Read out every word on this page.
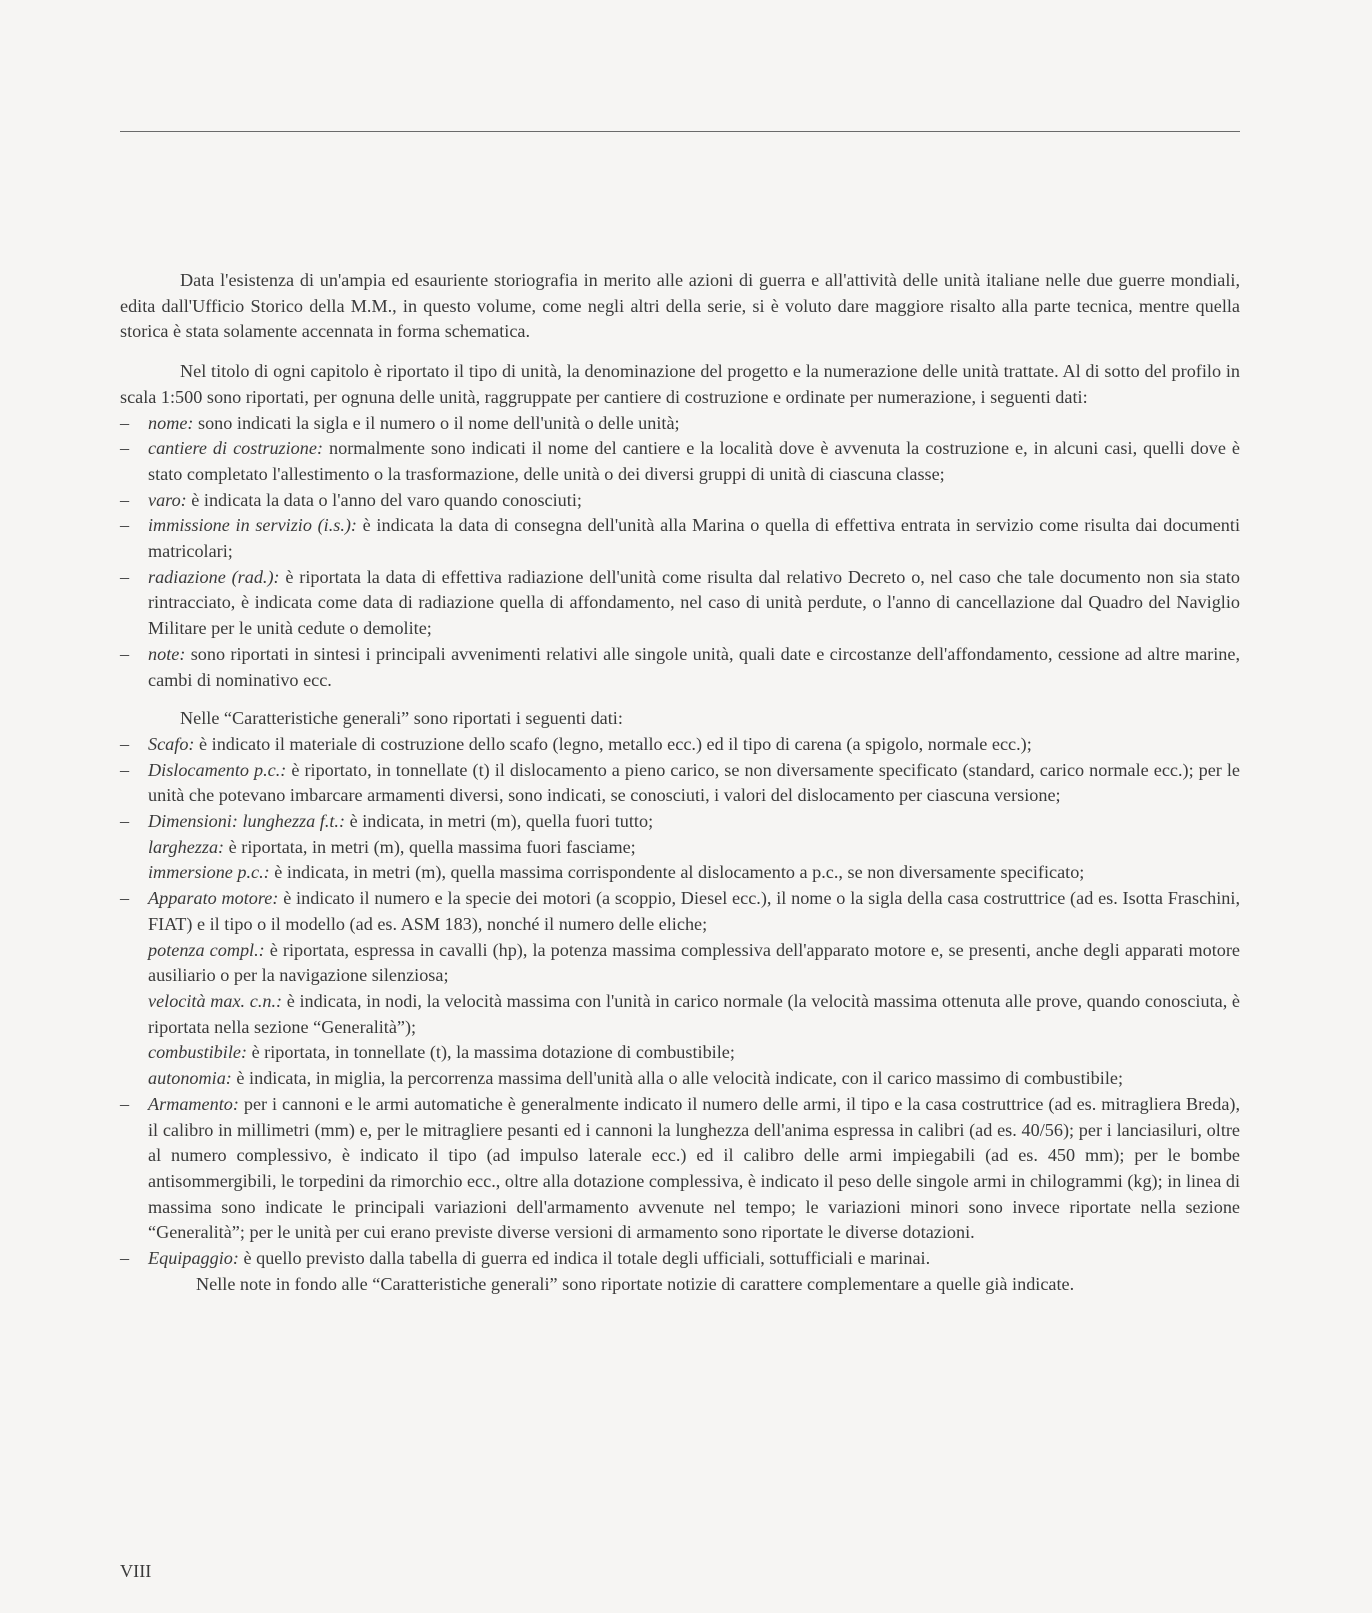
Data l'esistenza di un'ampia ed esauriente storiografia in merito alle azioni di guerra e all'attività delle unità italiane nelle due guerre mondiali, edita dall'Ufficio Storico della M.M., in questo volume, come negli altri della serie, si è voluto dare maggiore risalto alla parte tecnica, mentre quella storica è stata solamente accennata in forma schematica.

Nel titolo di ogni capitolo è riportato il tipo di unità, la denominazione del progetto e la numerazione delle unità trattate. Al di sotto del profilo in scala 1:500 sono riportati, per ognuna delle unità, raggruppate per cantiere di costruzione e ordinate per numerazione, i seguenti dati:

– nome: sono indicati la sigla e il numero o il nome dell'unità o delle unità;
– cantiere di costruzione: normalmente sono indicati il nome del cantiere e la località dove è avvenuta la costruzione e, in alcuni casi, quelli dove è stato completato l'allestimento o la trasformazione, delle unità o dei diversi gruppi di unità di ciascuna classe;
– varo: è indicata la data o l'anno del varo quando conosciuti;
– immissione in servizio (i.s.): è indicata la data di consegna dell'unità alla Marina o quella di effettiva entrata in servizio come risulta dai documenti matricolari;
– radiazione (rad.): è riportata la data di effettiva radiazione dell'unità come risulta dal relativo Decreto o, nel caso che tale documento non sia stato rintracciato, è indicata come data di radiazione quella di affondamento, nel caso di unità perdute, o l'anno di cancellazione dal Quadro del Naviglio Militare per le unità cedute o demolite;
– note: sono riportati in sintesi i principali avvenimenti relativi alle singole unità, quali date e circostanze dell'affondamento, cessione ad altre marine, cambi di nominativo ecc.

Nelle “Caratteristiche generali” sono riportati i seguenti dati:

– Scafo: è indicato il materiale di costruzione dello scafo (legno, metallo ecc.) ed il tipo di carena (a spigolo, normale ecc.);
– Dislocamento p.c.: è riportato, in tonnellate (t) il dislocamento a pieno carico, se non diversamente specificato (standard, carico normale ecc.); per le unità che potevano imbarcare armamenti diversi, sono indicati, se conosciuti, i valori del dislocamento per ciascuna versione;
– Dimensioni: lunghezza f.t.: è indicata, in metri (m), quella fuori tutto;
larghezza: è riportata, in metri (m), quella massima fuori fasciame;
immersione p.c.: è indicata, in metri (m), quella massima corrispondente al dislocamento a p.c., se non diversamente specificato;
– Apparato motore: è indicato il numero e la specie dei motori (a scoppio, Diesel ecc.), il nome o la sigla della casa costruttrice (ad es. Isotta Fraschini, FIAT) e il tipo o il modello (ad es. ASM 183), nonché il numero delle eliche;
potenza compl.: è riportata, espressa in cavalli (hp), la potenza massima complessiva dell'apparato motore e, se presenti, anche degli apparati motore ausiliario o per la navigazione silenziosa;
velocità max. c.n.: è indicata, in nodi, la velocità massima con l'unità in carico normale (la velocità massima ottenuta alle prove, quando conosciuta, è riportata nella sezione “Generalità”);
combustibile: è riportata, in tonnellate (t), la massima dotazione di combustibile;
autonomia: è indicata, in miglia, la percorrenza massima dell'unità alla o alle velocità indicate, con il carico massimo di combustibile;
– Armamento: per i cannoni e le armi automatiche è generalmente indicato il numero delle armi, il tipo e la casa costruttrice (ad es. mitragliera Breda), il calibro in millimetri (mm) e, per le mitragliere pesanti ed i cannoni la lunghezza dell'anima espressa in calibri (ad es. 40/56); per i lanciasiluri, oltre al numero complessivo, è indicato il tipo (ad impulso laterale ecc.) ed il calibro delle armi impiegabili (ad es. 450 mm); per le bombe antisommergibili, le torpedini da rimorchio ecc., oltre alla dotazione complessiva, è indicato il peso delle singole armi in chilogrammi (kg); in linea di massima sono indicate le principali variazioni dell'armamento avvenute nel tempo; le variazioni minori sono invece riportate nella sezione “Generalità”; per le unità per cui erano previste diverse versioni di armamento sono riportate le diverse dotazioni.
– Equipaggio: è quello previsto dalla tabella di guerra ed indica il totale degli ufficiali, sottufficiali e marinai.

Nelle note in fondo alle “Caratteristiche generali” sono riportate notizie di carattere complementare a quelle già indicate.

VIII
